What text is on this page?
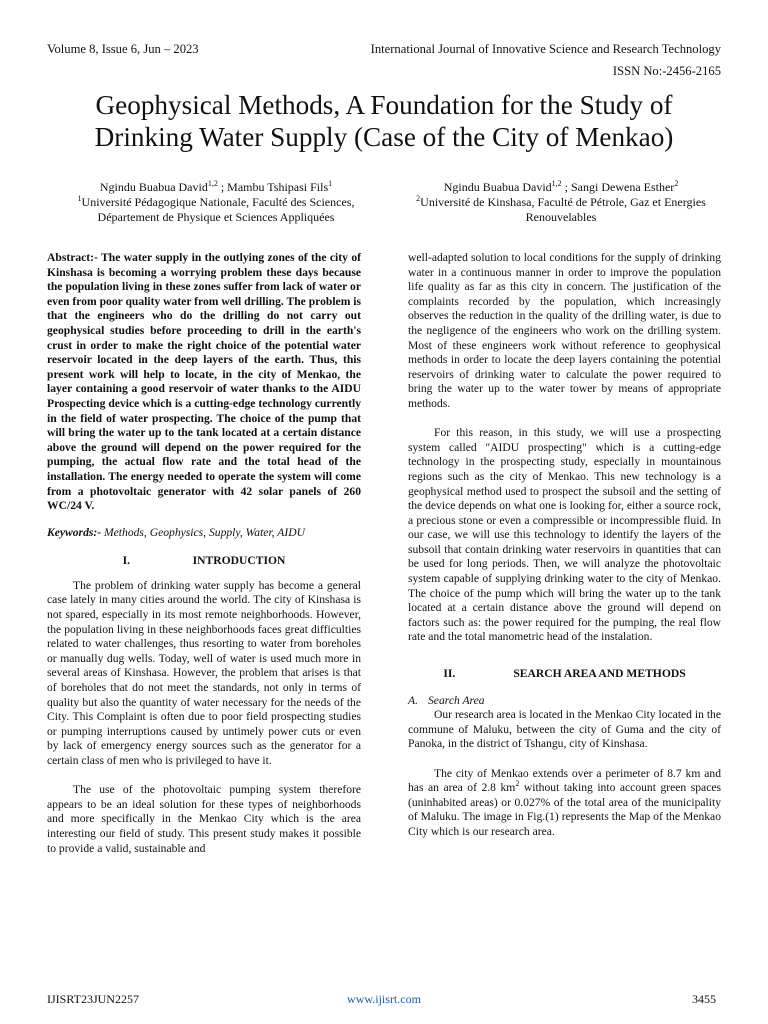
Volume 8, Issue 6, Jun – 2023	International Journal of Innovative Science and Research Technology
ISSN No:-2456-2165
Geophysical Methods, A Foundation for the Study of
Drinking Water Supply (Case of the City of Menkao)
Ngindu Buabua David$^{1,2}$ ; Mambu Tshipasi Fils$^1$
$^1$Université Pédagogique Nationale, Faculté des Sciences,
Département de Physique et Sciences Appliquées
Ngindu Buabua David$^{1,2}$ ; Sangi Dewena Esther$^2$
$^2$Université de Kinshasa, Faculté de Pétrole, Gaz et Energies
Renouvelables

Abstract:- The water supply in the outlying zones of the city of Kinshasa is becoming a worrying problem these days because the population living in these zones suffer from lack of water or even from poor quality water from well drilling. The problem is that the engineers who do the drilling do not carry out geophysical studies before proceeding to drill in the earth's crust in order to make the right choice of the potential water reservoir located in the deep layers of the earth. Thus, this present work will help to locate, in the city of Menkao, the layer containing a good reservoir of water thanks to the AIDU Prospecting device which is a cutting-edge technology currently in the field of water prospecting. The choice of the pump that will bring the water up to the tank located at a certain distance above the ground will depend on the power required for the pumping, the actual flow rate and the total head of the installation. The energy needed to operate the system will come from a photovoltaic generator with 42 solar panels of 260 WC/24 V.

Keywords:- Methods, Geophysics, Supply, Water, AIDU

I.	INTRODUCTION

The problem of drinking water supply has become a general case lately in many cities around the world. The city of Kinshasa is not spared, especially in its most remote neighborhoods. However, the population living in these neighborhoods faces great difficulties related to water challenges, thus resorting to water from boreholes or manually dug wells. Today, well of water is used much more in several areas of Kinshasa. However, the problem that arises is that of boreholes that do not meet the standards, not only in terms of quality but also the quantity of water necessary for the needs of the City. This Complaint is often due to poor field prospecting studies or pumping interruptions caused by untimely power cuts or even by lack of emergency energy sources such as the generator for a certain class of men who is privileged to have it.

The use of the photovoltaic pumping system therefore appears to be an ideal solution for these types of neighborhoods and more specifically in the Menkao City which is the area interesting our field of study. This present study makes it possible to provide a valid, sustainable and

well-adapted solution to local conditions for the supply of drinking water in a continuous manner in order to improve the population life quality as far as this city in concern. The justification of the complaints recorded by the population, which increasingly observes the reduction in the quality of the drilling water, is due to the negligence of the engineers who work on the drilling system. Most of these engineers work without reference to geophysical methods in order to locate the deep layers containing the potential reservoirs of drinking water to calculate the power required to bring the water up to the water tower by means of appropriate methods.

For this reason, in this study, we will use a prospecting system called "AIDU prospecting" which is a cutting-edge technology in the prospecting study, especially in mountainous regions such as the city of Menkao. This new technology is a geophysical method used to prospect the subsoil and the setting of the device depends on what one is looking for, either a source rock, a precious stone or even a compressible or incompressible fluid. In our case, we will use this technology to identify the layers of the subsoil that contain drinking water reservoirs in quantities that can be used for long periods. Then, we will analyze the photovoltaic system capable of supplying drinking water to the city of Menkao. The choice of the pump which will bring the water up to the tank located at a certain distance above the ground will depend on factors such as: the power required for the pumping, the real flow rate and the total manometric head of the instalation.

II.	SEARCH AREA AND METHODS

A. Search Area

Our research area is located in the Menkao City located in the commune of Maluku, between the city of Guma and the city of Panoka, in the district of Tshangu, city of Kinshasa.

The city of Menkao extends over a perimeter of 8.7 km and has an area of 2.8 $km^2$ without taking into account green spaces (uninhabited areas) or 0.027% of the total area of the municipality of Maluku. The image in Fig.(1) represents the Map of the Menkao City which is our research area.

IJISRT23JUN2257	www.ijisrt.com	3455
